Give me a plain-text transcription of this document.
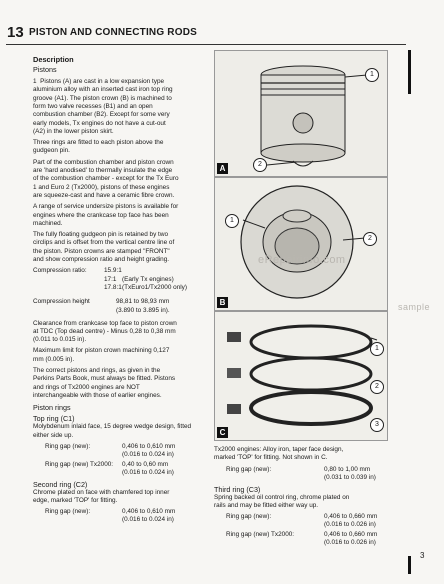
13 PISTON AND CONNECTING RODS
Description
Pistons
1  Pistons (A) are cast in a low expansion type
aluminium alloy with an inserted cast iron top ring
groove (A1). The piston crown (B) is machined to
form two valve recesses (B1) and an open
combustion chamber (B2). Except for some very
early models, Tx engines do not have a cut-out
(A2) in the lower piston skirt.
Three rings are fitted to each piston above the
gudgeon pin.
Part of the combustion chamber and piston crown
are 'hard anodised' to thermally insulate the edge
of the combustion chamber - except for the Tx Euro
1 and Euro 2 (Tx2000), pistons of these engines
are squeeze-cast and have a ceramic fibre crown.
A range of service undersize pistons is available for
engines where the crankcase top face has been
machined.
The fully floating gudgeon pin is retained by two
circlips and is offset from the vertical centre line of
the piston. Piston crowns are stamped "FRONT"
and show compression ratio and height grading.
Compression ratio:	15.9:1
17:1 (Early Tx engines)
17.8:1 (TxEuro1/Tx2000 only)
Compression height	98,81 to 98,93 mm
(3.890 to 3.895 in).
Clearance from crankcase top face to piston crown
at TDC (Top dead centre) - Minus 0,28 to 0,38 mm
(0.011 to 0.015 in).
Maximum limit for piston crown machining 0,127
mm (0.005 in).
The correct pistons and rings, as given in the
Perkins Parts Book, must always be fitted. Pistons
and rings of Tx2000 engines are NOT
interchangeable with those of earlier engines.
Piston rings
Top ring (C1)
Molybdenum inlaid face, 15 degree wedge design, fitted
either side up.
Ring gap (new):	0,406 to 0,610 mm
(0.016 to 0.024 in)
Ring gap (new) Tx2000: 0,40 to 0,60 mm
(0.016 to 0.024 in)
Second ring (C2)
Chrome plated on face with chamfered top inner
edge, marked 'TOP' for fitting.
Ring gap (new):	0,406 to 0,610 mm
(0.016 to 0.024 in)
1
2
A
1
2
B
1
2
3
C
eRepairinfo.com
sample
Tx2000 engines: Alloy iron, taper face design,
marked 'TOP' for fitting. Not shown in C.
Ring gap (new):	0,80 to 1,00 mm
(0.031 to 0.039 in)
Third ring (C3)
Spring backed oil control ring, chrome plated on
rails and may be fitted either way up.
Ring gap (new):	0,406 to 0,660 mm
(0.016 to 0.026 in)
Ring gap (new) Tx2000:	0,406 to 0,660 mm
(0.016 to 0.026 in)
3
